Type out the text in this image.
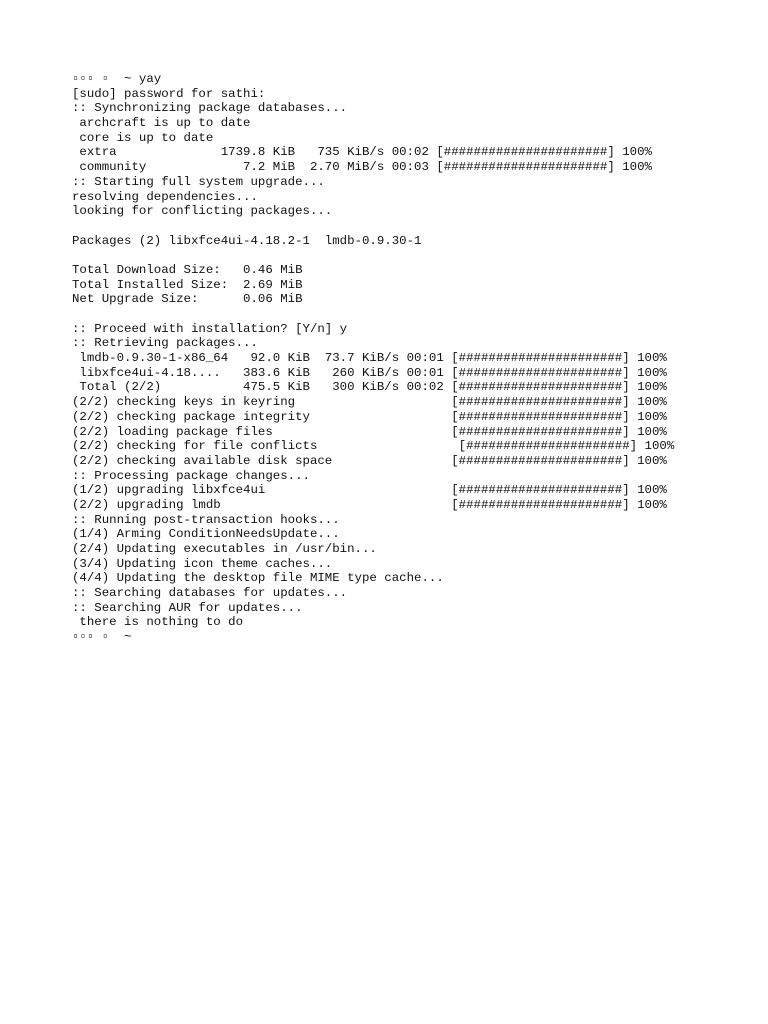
▫▫▫ ▫  ~ yay
[sudo] password for sathi:
:: Synchronizing package databases...
archcraft is up to date
core is up to date
extra              1739.8 KiB   735 KiB/s 00:02 [######################] 100%
community             7.2 MiB  2.70 MiB/s 00:03 [######################] 100%
:: Starting full system upgrade...
resolving dependencies...
looking for conflicting packages...
Packages (2) libxfce4ui-4.18.2-1  lmdb-0.9.30-1
Total Download Size:   0.46 MiB
Total Installed Size:  2.69 MiB
Net Upgrade Size:      0.06 MiB
:: Proceed with installation? [Y/n] y
:: Retrieving packages...
lmdb-0.9.30-1-x86_64   92.0 KiB  73.7 KiB/s 00:01 [######################] 100%
libxfce4ui-4.18....   383.6 KiB   260 KiB/s 00:01 [######################] 100%
Total (2/2)           475.5 KiB   300 KiB/s 00:02 [######################] 100%
(2/2) checking keys in keyring                     [######################] 100%
(2/2) checking package integrity                   [######################] 100%
(2/2) loading package files                        [######################] 100%
(2/2) checking for file conflicts                   [######################] 100%
(2/2) checking available disk space                [######################] 100%
:: Processing package changes...
(1/2) upgrading libxfce4ui                         [######################] 100%
(2/2) upgrading lmdb                               [######################] 100%
:: Running post-transaction hooks...
(1/4) Arming ConditionNeedsUpdate...
(2/4) Updating executables in /usr/bin...
(3/4) Updating icon theme caches...
(4/4) Updating the desktop file MIME type cache...
:: Searching databases for updates...
:: Searching AUR for updates...
there is nothing to do
▫▫▫ ▫  ~
